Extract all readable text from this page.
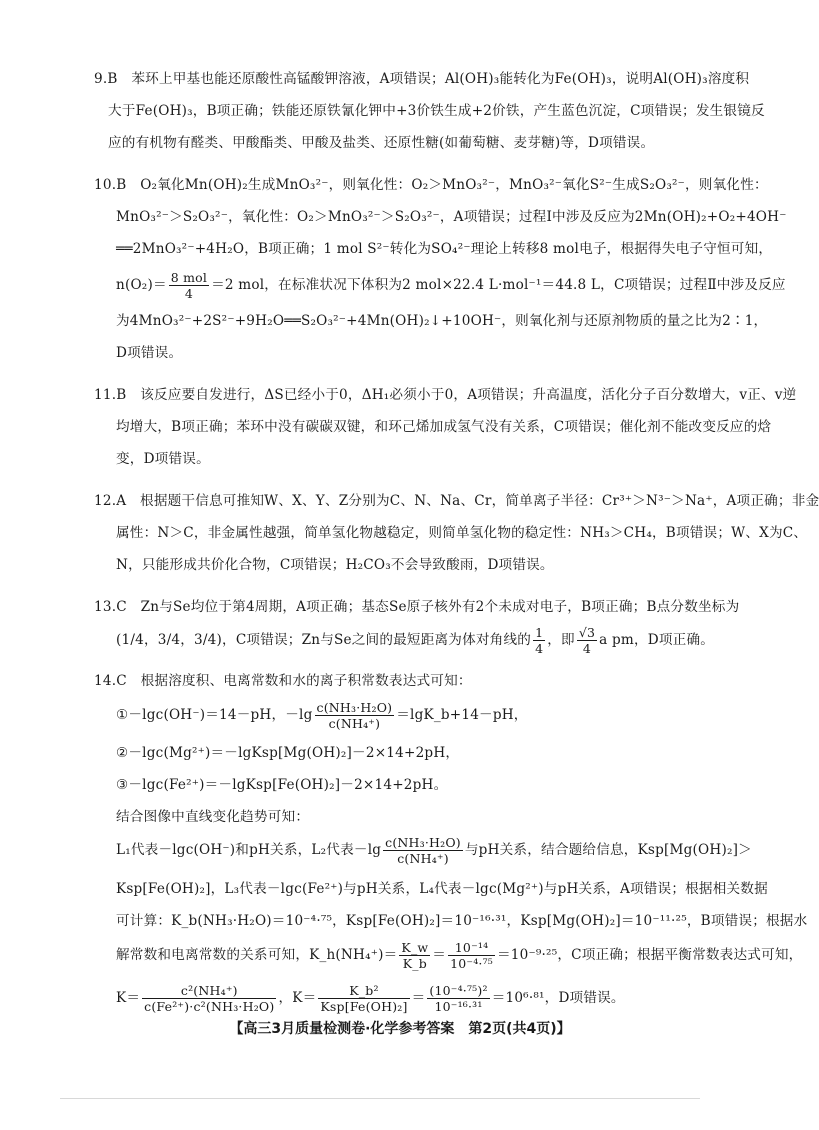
9.B　苯环上甲基也能还原酸性高锰酸钾溶液，A项错误；Al(OH)₃能转化为Fe(OH)₃，说明Al(OH)₃溶度积
大于Fe(OH)₃，B项正确；铁能还原铁氰化钾中+3价铁生成+2价铁，产生蓝色沉淀，C项错误；发生银镜反
应的有机物有醛类、甲酸酯类、甲酸及盐类、还原性糖(如葡萄糖、麦芽糖)等，D项错误。
10.B　O₂氧化Mn(OH)₂生成MnO₃²⁻，则氧化性：O₂＞MnO₃²⁻，MnO₃²⁻氧化S²⁻生成S₂O₃²⁻，则氧化性：
MnO₃²⁻＞S₂O₃²⁻，氧化性：O₂＞MnO₃²⁻＞S₂O₃²⁻，A项错误；过程Ⅰ中涉及反应为2Mn(OH)₂+O₂+4OH⁻
══2MnO₃²⁻+4H₂O，B项正确；1 mol S²⁻转化为SO₄²⁻理论上转移8 mol电子，根据得失电子守恒可知，
$n(O_2)= \frac{\text{8 mol}}{4} =2$ mol，在标准状况下体积为2 mol×22.4 L·mol⁻¹＝44.8 L，C项错误；过程Ⅱ中涉及反应
为4MnO₃²⁻+2S²⁻+9H₂O══S₂O₃²⁻+4Mn(OH)₂↓+10OH⁻，则氧化剂与还原剂物质的量之比为2∶1，
D项错误。
11.B　该反应要自发进行，ΔS已经小于0，ΔH₁必须小于0，A项错误；升高温度，活化分子百分数增大，v正、v逆
均增大，B项正确；苯环中没有碳碳双键，和环己烯加成氢气没有关系，C项错误；催化剂不能改变反应的焓
变，D项错误。
12.A　根据题干信息可推知W、X、Y、Z分别为C、N、Na、Cr，简单离子半径：Cr³⁺＞N³⁻＞Na⁺，A项正确；非金
属性：N＞C，非金属性越强，简单氢化物越稳定，则简单氢化物的稳定性：NH₃＞CH₄，B项错误；W、X为C、
N，只能形成共价化合物，C项错误；H₂CO₃不会导致酸雨，D项错误。
13.C　Zn与Se均位于第4周期，A项正确；基态Se原子核外有2个未成对电子，B项正确；B点分数坐标为
(1/4，3/4，3/4)，C项错误；Zn与Se之间的最短距离为体对角线的 $\frac{1}{4}$ ，即 $\frac{√3}{4}$ a pm，D项正确。
14.C　根据溶度积、电离常数和水的离子积常数表达式可知：
①－lgc(OH⁻)＝14－pH，$-\lg \frac{\text{c(NH₃·H₂O)}}{\text{c(NH₄⁺)}}$ ＝lgK_b+14－pH，
②－lgc(Mg²⁺)＝－lgKsp[Mg(OH)₂]－2×14+2pH，
③－lgc(Fe²⁺)＝－lgKsp[Fe(OH)₂]－2×14+2pH。
结合图像中直线变化趋势可知：
L₁代表－lgc(OH⁻)和pH关系，L₂代表$-\lg \frac{\text{c(NH₃·H₂O)}}{\text{c(NH₄⁺)}}$ 与pH关系，结合题给信息，Ksp[Mg(OH)₂]＞
Ksp[Fe(OH)₂]，L₃代表－lgc(Fe²⁺)与pH关系，L₄代表－lgc(Mg²⁺)与pH关系，A项错误；根据相关数据
可计算：K_b(NH₃·H₂O)＝10⁻⁴·⁷⁵，Ksp[Fe(OH)₂]＝10⁻¹⁶·³¹，Ksp[Mg(OH)₂]＝10⁻¹¹·²⁵，B项错误；根据水
解常数和电离常数的关系可知，K_h(NH₄⁺)＝ $\frac{K\_w}{K\_b} = \frac{\text{10⁻¹⁴}}{\text{10⁻⁴·⁷⁵}} =10^{-9}\cdot^{25}$，C项正确；根据平衡常数表达式可知，
$K= \frac{\text{c²(NH₄⁺)}}{\text{c(Fe²⁺)·c²(NH₃·H₂O)}}$ ，$K= \frac{\text{K\_b²}}{\text{Ksp[Fe(OH)₂]}} = \frac{\text{(10⁻⁴·⁷⁵)²}}{\text{10⁻¹⁶·³¹}} =10^6\cdot^{81}$，D项错误。
【高三3月质量检测卷·化学参考答案　第2页(共4页)】
